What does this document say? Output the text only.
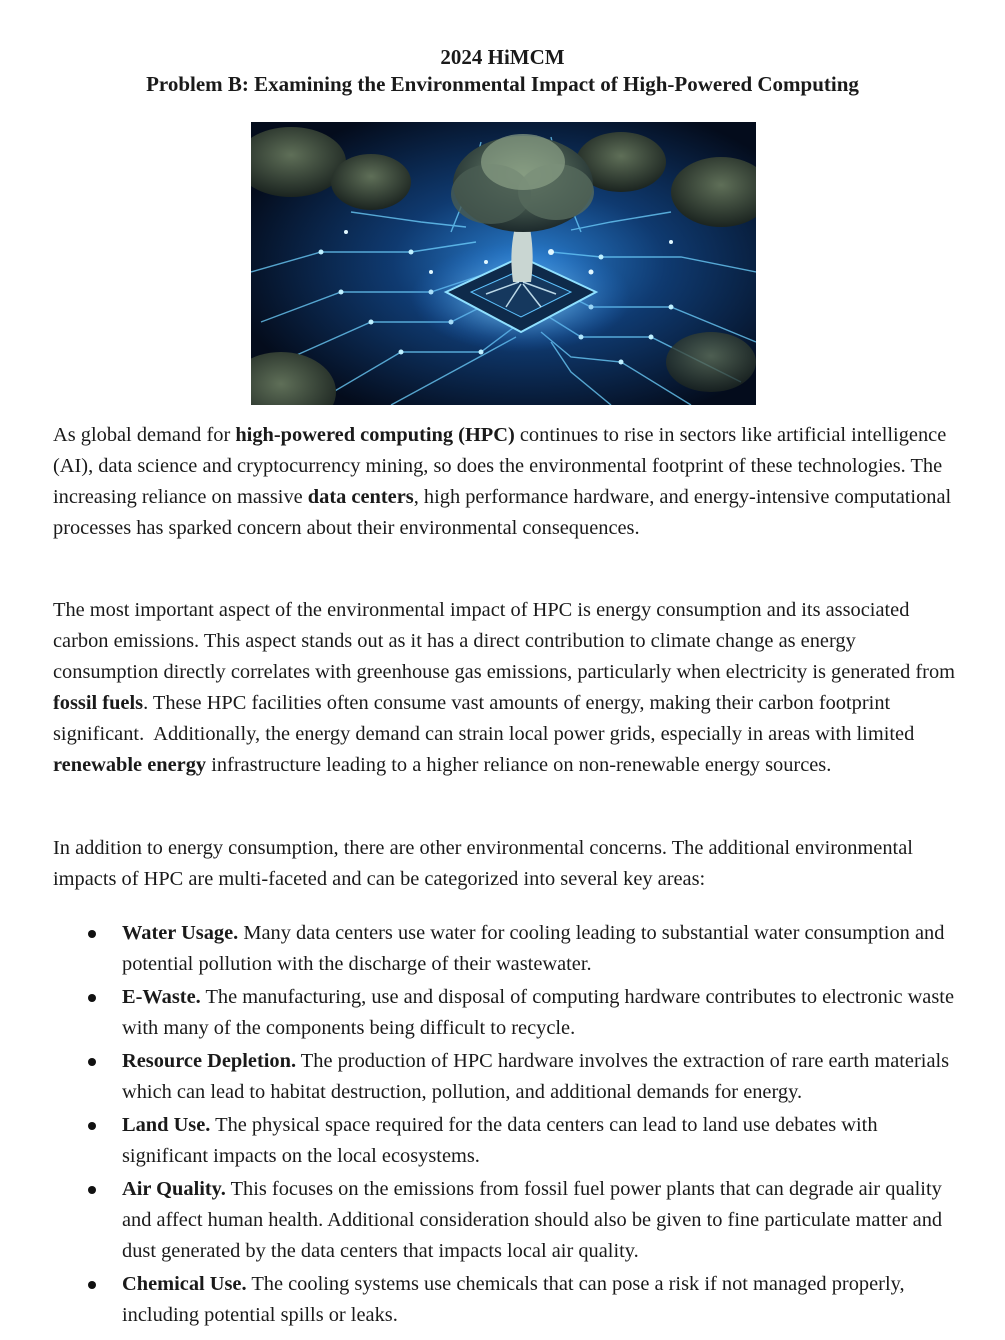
2024 HiMCM
Problem B: Examining the Environmental Impact of High-Powered Computing

As global demand for high-powered computing (HPC) continues to rise in sectors like artificial intelligence (AI), data science and cryptocurrency mining, so does the environmental footprint of these technologies. The increasing reliance on massive data centers, high performance hardware, and energy-intensive computational processes has sparked concern about their environmental consequences.

The most important aspect of the environmental impact of HPC is energy consumption and its associated carbon emissions. This aspect stands out as it has a direct contribution to climate change as energy consumption directly correlates with greenhouse gas emissions, particularly when electricity is generated from fossil fuels. These HPC facilities often consume vast amounts of energy, making their carbon footprint significant.  Additionally, the energy demand can strain local power grids, especially in areas with limited renewable energy infrastructure leading to a higher reliance on non-renewable energy sources.

In addition to energy consumption, there are other environmental concerns. The additional environmental impacts of HPC are multi-faceted and can be categorized into several key areas:

Water Usage. Many data centers use water for cooling leading to substantial water consumption and potential pollution with the discharge of their wastewater.
E-Waste. The manufacturing, use and disposal of computing hardware contributes to electronic waste with many of the components being difficult to recycle.
Resource Depletion. The production of HPC hardware involves the extraction of rare earth materials which can lead to habitat destruction, pollution, and additional demands for energy.
Land Use. The physical space required for the data centers can lead to land use debates with significant impacts on the local ecosystems.
Air Quality. This focuses on the emissions from fossil fuel power plants that can degrade air quality and affect human health. Additional consideration should also be given to fine particulate matter and dust generated by the data centers that impacts local air quality.
Chemical Use. The cooling systems use chemicals that can pose a risk if not managed properly, including potential spills or leaks.
